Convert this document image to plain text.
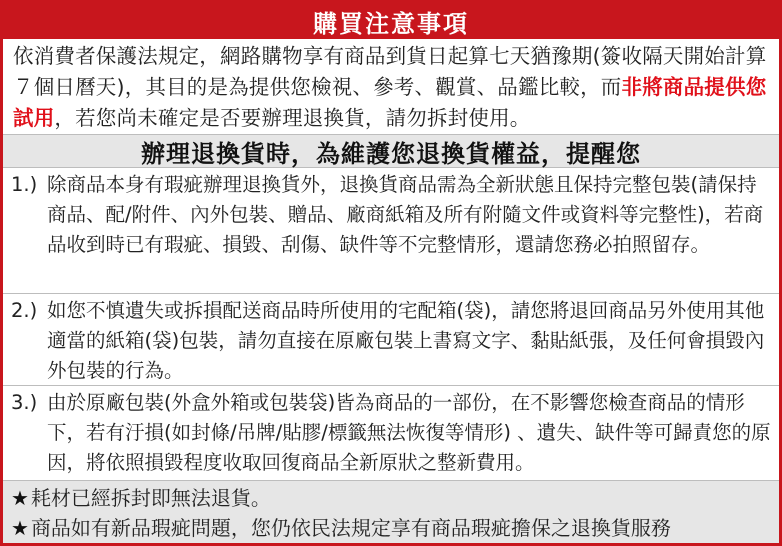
購買注意事項
依消費者保護法規定，網路購物享有商品到貨日起算七天猶豫期(簽收隔天開始計算７個日曆天)，其目的是為提供您檢視、參考、觀賞、品鑑比較，而非將商品提供您試用，若您尚未確定是否要辦理退換貨，請勿拆封使用。
辦理退換貨時，為維護您退換貨權益，提醒您
1.) 除商品本身有瑕疵辦理退換貨外，退換貨商品需為全新狀態且保持完整包裝(請保持商品、配/附件、內外包裝、贈品、廠商紙箱及所有附隨文件或資料等完整性)，若商品收到時已有瑕疵、損毀、刮傷、缺件等不完整情形，還請您務必拍照留存。
2.) 如您不慎遺失或拆損配送商品時所使用的宅配箱(袋)，請您將退回商品另外使用其他適當的紙箱(袋)包裝，請勿直接在原廠包裝上書寫文字、黏貼紙張，及任何會損毀內外包裝的行為。
3.) 由於原廠包裝(外盒外箱或包裝袋)皆為商品的一部份，在不影響您檢查商品的情形下，若有汙損(如封條/吊牌/貼膠/標籤無法恢復等情形) 、遺失、缺件等可歸責您的原因，將依照損毀程度收取回復商品全新原狀之整新費用。
★ 耗材已經拆封即無法退貨。
★ 商品如有新品瑕疵問題，您仍依民法規定享有商品瑕疵擔保之退換貨服務
